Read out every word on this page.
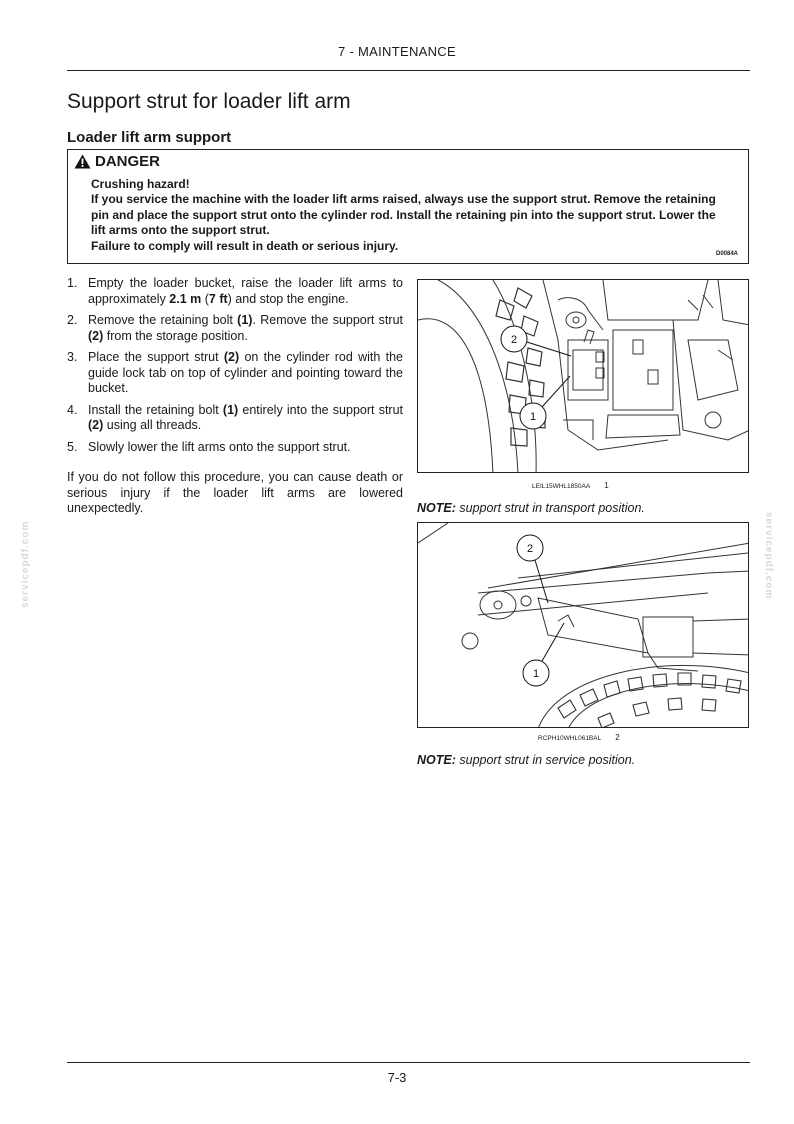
7 - MAINTENANCE
Support strut for loader lift arm
Loader lift arm support
DANGER

Crushing hazard!

If you service the machine with the loader lift arms raised, always use the support strut. Remove the retaining pin and place the support strut onto the cylinder rod. Install the retaining pin into the support strut. Lower the lift arms onto the support strut.

Failure to comply will result in death or serious injury.

D0084A
1. Empty the loader bucket, raise the loader lift arms to approximately 2.1 m (7 ft) and stop the engine.
2. Remove the retaining bolt (1). Remove the support strut (2) from the storage position.
3. Place the support strut (2) on the cylinder rod with the guide lock tab on top of cylinder and pointing toward the bucket.
4. Install the retaining bolt (1) entirely into the support strut (2) using all threads.
5. Slowly lower the lift arms onto the support strut.

If you do not follow this procedure, you can cause death or serious injury if the loader lift arms are lowered unexpectedly.

2
1
LEIL15WHL1850AA 1
NOTE: support strut in transport position.
2
1
RCPH10WHL061BAL 2
NOTE: support strut in service position.
servicepdf.com	servicepdf.com
7-3
